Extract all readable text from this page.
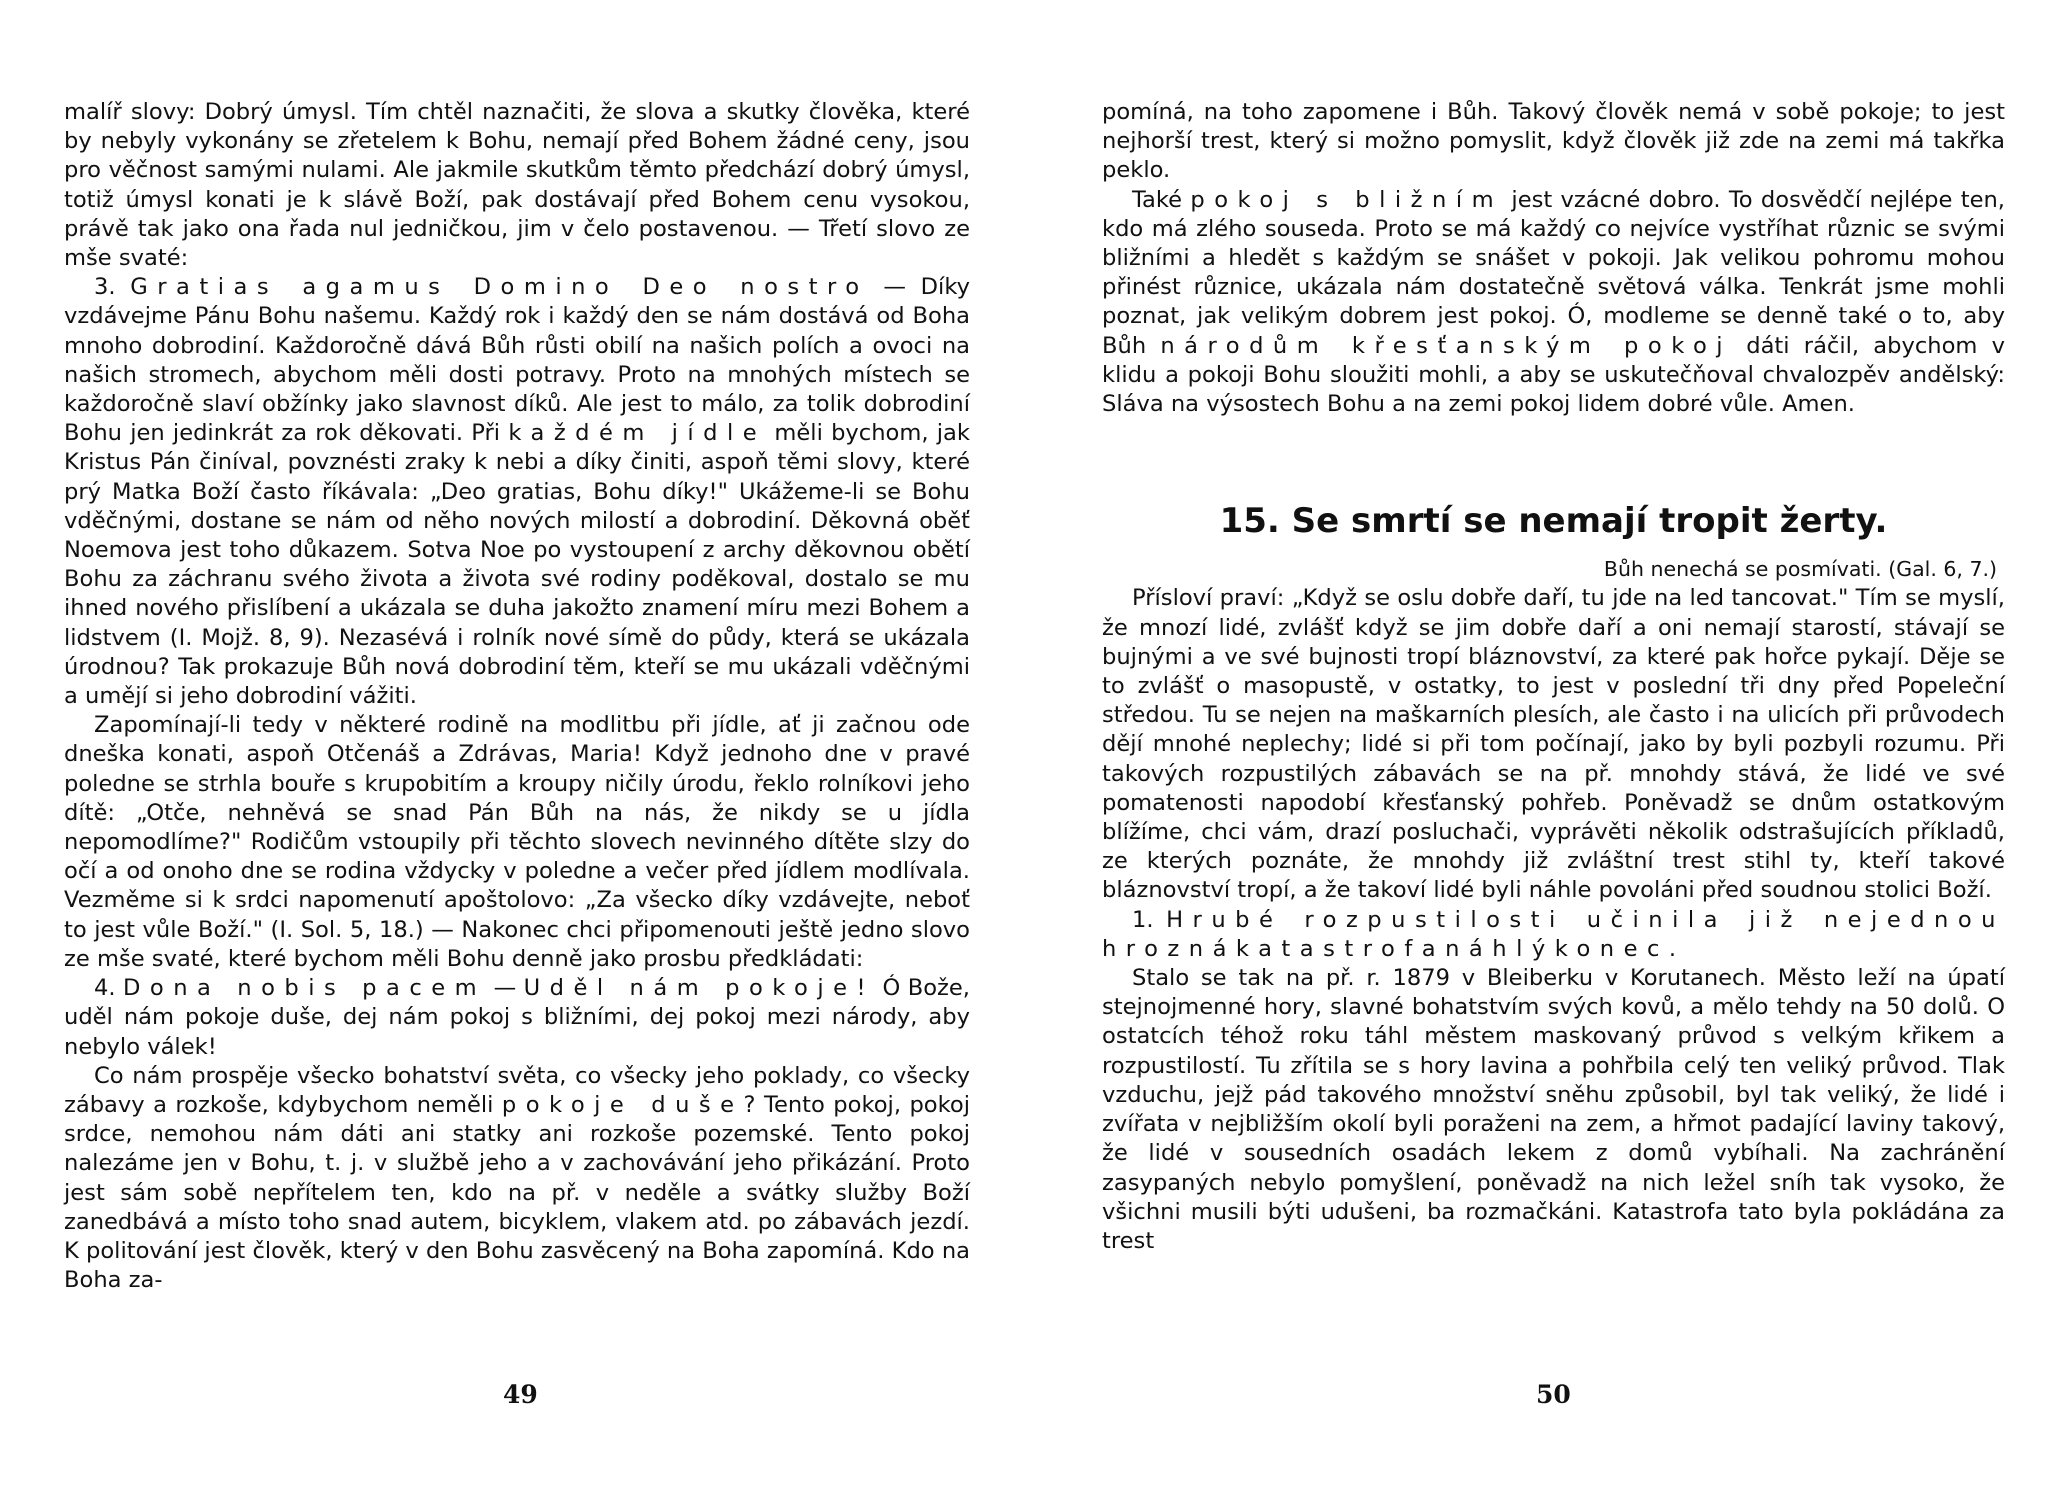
malíř slovy: Dobrý úmysl. Tím chtěl naznačiti, že slova a skutky člověka, které by nebyly vykonány se zřetelem k Bohu, nemají před Bohem žádné ceny, jsou pro věčnost samými nulami. Ale jakmile skutkům těmto předchází dobrý úmysl, totiž úmysl konati je k slávě Boží, pak dostávají před Bohem cenu vysokou, právě tak jako ona řada nul jedničkou, jim v čelo postavenou. — Třetí slovo ze mše svaté:

3. Gratias agamus Domino Deo nostro — Díky vzdávejme Pánu Bohu našemu. Každý rok i každý den se nám dostává od Boha mnoho dobrodiní. Každoročně dává Bůh růsti obilí na našich polích a ovoci na našich stromech, abychom měli dosti potravy. Proto na mnohých místech se každoročně slaví obžínky jako slavnost díků. Ale jest to málo, za tolik dobrodiní Bohu jen jedinkrát za rok děkovati. Při každém jídle měli bychom, jak Kristus Pán činíval, povznésti zraky k nebi a díky činiti, aspoň těmi slovy, které prý Matka Boží často říkávala: „Deo gratias, Bohu díky!" Ukážeme-li se Bohu vděčnými, dostane se nám od něho nových milostí a dobrodiní. Děkovná oběť Noemova jest toho důkazem. Sotva Noe po vystoupení z archy děkovnou obětí Bohu za záchranu svého života a života své rodiny poděkoval, dostalo se mu ihned nového přislíbení a ukázala se duha jakožto znamení míru mezi Bohem a lidstvem (I. Mojž. 8, 9). Nezasévá i rolník nové símě do půdy, která se ukázala úrodnou? Tak prokazuje Bůh nová dobrodiní těm, kteří se mu ukázali vděčnými a umějí si jeho dobrodiní vážiti.

Zapomínají-li tedy v některé rodině na modlitbu při jídle, ať ji začnou ode dneška konati, aspoň Otčenáš a Zdrávas, Maria! Když jednoho dne v pravé poledne se strhla bouře s krupobitím a kroupy ničily úrodu, řeklo rolníkovi jeho dítě: „Otče, nehněvá se snad Pán Bůh na nás, že nikdy se u jídla nepomodlíme?" Rodičům vstoupily při těchto slovech nevinného dítěte slzy do očí a od onoho dne se rodina vždycky v poledne a večer před jídlem modlívala. Vezměme si k srdci napomenutí apoštolovo: „Za všecko díky vzdávejte, neboť to jest vůle Boží." (I. Sol. 5, 18.) — Nakonec chci připomenouti ještě jedno slovo ze mše svaté, které bychom měli Bohu denně jako prosbu předkládati:

4. Dona nobis pacem — Uděl nám pokoje! Ó Bože, uděl nám pokoje duše, dej nám pokoj s bližními, dej pokoj mezi národy, aby nebylo válek!

Co nám prospěje všecko bohatství světa, co všecky jeho poklady, co všecky zábavy a rozkoše, kdybychom neměli pokoje duše? Tento pokoj, pokoj srdce, nemohou nám dáti ani statky ani rozkoše pozemské. Tento pokoj nalezáme jen v Bohu, t. j. v službě jeho a v zachovávání jeho přikázání. Proto jest sám sobě nepřítelem ten, kdo na př. v neděle a svátky služby Boží zanedbává a místo toho snad autem, bicyklem, vlakem atd. po zábavách jezdí. K politování jest člověk, který v den Bohu zasvěcený na Boha zapomíná. Kdo na Boha za-

49

pomíná, na toho zapomene i Bůh. Takový člověk nemá v sobě pokoje; to jest nejhorší trest, který si možno pomyslit, když člověk již zde na zemi má takřka peklo.

Také pokoj s bližním jest vzácné dobro. To dosvědčí nejlépe ten, kdo má zlého souseda. Proto se má každý co nejvíce vystříhat různic se svými bližními a hledět s každým se snášet v pokoji. Jak velikou pohromu mohou přinést různice, ukázala nám dostatečně světová válka. Tenkrát jsme mohli poznat, jak velikým dobrem jest pokoj. Ó, modleme se denně také o to, aby Bůh národům křesťanským pokoj dáti ráčil, abychom v klidu a pokoji Bohu sloužiti mohli, a aby se uskutečňoval chvalozpěv andělský: Sláva na výsostech Bohu a na zemi pokoj lidem dobré vůle. Amen.

15. Se smrtí se nemají tropit žerty.

Bůh nenechá se posmívati. (Gal. 6, 7.)

Přísloví praví: „Když se oslu dobře daří, tu jde na led tancovat." Tím se myslí, že mnozí lidé, zvlášť když se jim dobře daří a oni nemají starostí, stávají se bujnými a ve své bujnosti tropí bláznovství, za které pak hořce pykají. Děje se to zvlášť o masopustě, v ostatky, to jest v poslední tři dny před Popeleční středou. Tu se nejen na maškarních plesích, ale často i na ulicích při průvodech dějí mnohé neplechy; lidé si při tom počínají, jako by byli pozbyli rozumu. Při takových rozpustilých zábavách se na př. mnohdy stává, že lidé ve své pomatenosti napodobí křesťanský pohřeb. Poněvadž se dnům ostatkovým blížíme, chci vám, drazí posluchači, vyprávěti několik odstrašujících příkladů, ze kterých poznáte, že mnohdy již zvláštní trest stihl ty, kteří takové bláznovství tropí, a že takoví lidé byli náhle povoláni před soudnou stolici Boží.

1. Hrubé rozpustilosti učinila již nejednou hroznákatastrofanáhlýkonec.

Stalo se tak na př. r. 1879 v Bleiberku v Korutanech. Město leží na úpatí stejnojmenné hory, slavné bohatstvím svých kovů, a mělo tehdy na 50 dolů. O ostatcích téhož roku táhl městem maskovaný průvod s velkým křikem a rozpustilostí. Tu zřítila se s hory lavina a pohřbila celý ten veliký průvod. Tlak vzduchu, jejž pád takového množství sněhu způsobil, byl tak veliký, že lidé i zvířata v nejbližším okolí byli poraženi na zem, a hřmot padající laviny takový, že lidé v sousedních osadách lekem z domů vybíhali. Na zachránění zasypaných nebylo pomyšlení, poněvadž na nich ležel sníh tak vysoko, že všichni musili býti udušeni, ba rozmačkáni. Katastrofa tato byla pokládána za trest

50
